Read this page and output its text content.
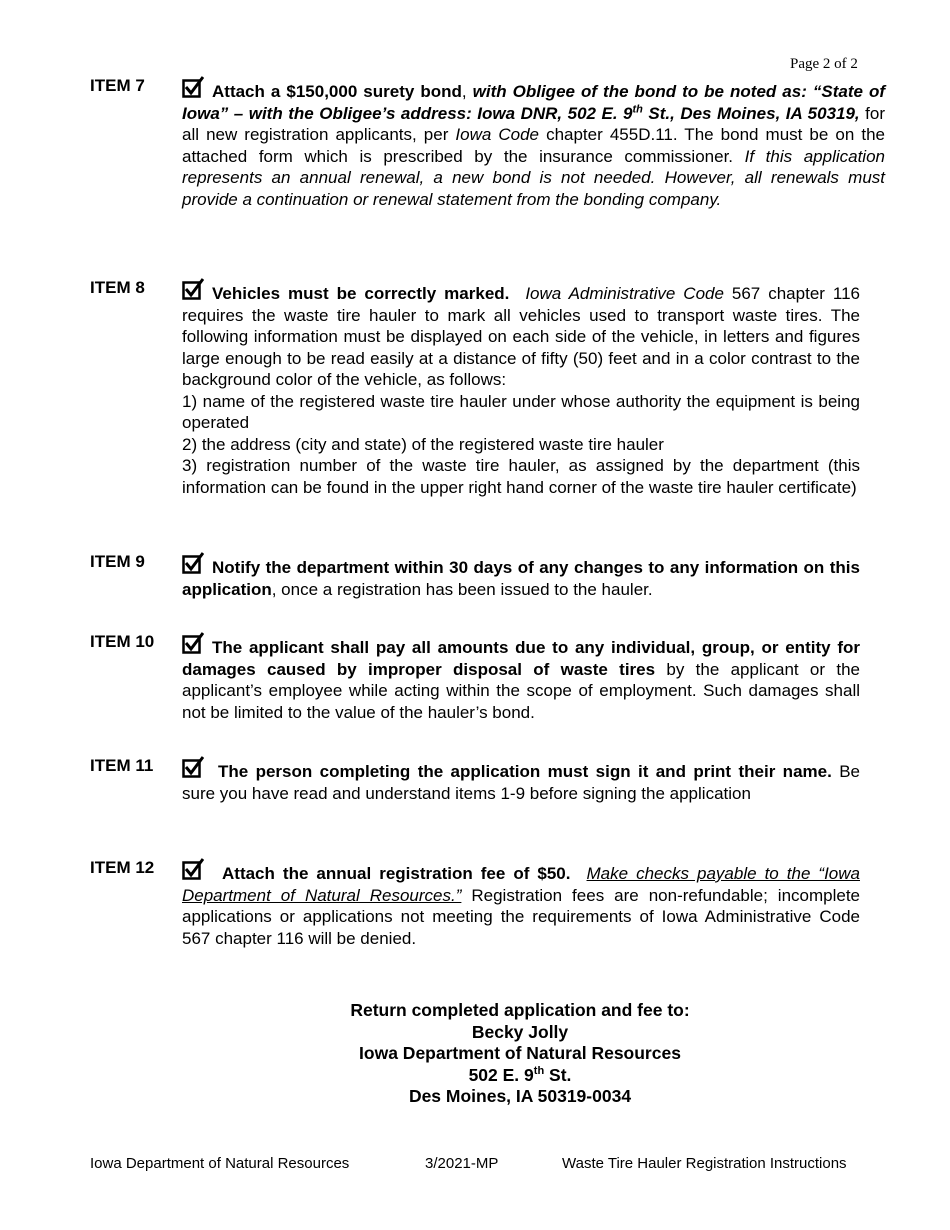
Page 2 of 2
ITEM 7	Attach a $150,000 surety bond, with Obligee of the bond to be noted as: “State of Iowa” – with the Obligee’s address: Iowa DNR, 502 E. 9th St., Des Moines, IA 50319, for all new registration applicants, per Iowa Code chapter 455D.11. The bond must be on the attached form which is prescribed by the insurance commissioner. If this application represents an annual renewal, a new bond is not needed. However, all renewals must provide a continuation or renewal statement from the bonding company.

ITEM 8	Vehicles must be correctly marked. Iowa Administrative Code 567 chapter 116 requires the waste tire hauler to mark all vehicles used to transport waste tires. The following information must be displayed on each side of the vehicle, in letters and figures large enough to be read easily at a distance of fifty (50) feet and in a color contrast to the background color of the vehicle, as follows:

1) name of the registered waste tire hauler under whose authority the equipment is being operated

2) the address (city and state) of the registered waste tire hauler

3) registration number of the waste tire hauler, as assigned by the department (this information can be found in the upper right hand corner of the waste tire hauler certificate)

ITEM 9	Notify the department within 30 days of any changes to any information on this application, once a registration has been issued to the hauler.

ITEM 10	The applicant shall pay all amounts due to any individual, group, or entity for damages caused by improper disposal of waste tires by the applicant or the applicant’s employee while acting within the scope of employment. Such damages shall not be limited to the value of the hauler’s bond.

ITEM 11	The person completing the application must sign it and print their name. Be sure you have read and understand items 1-9 before signing the application

ITEM 12	Attach the annual registration fee of $50. Make checks payable to the “Iowa Department of Natural Resources.” Registration fees are non-refundable; incomplete applications or applications not meeting the requirements of Iowa Administrative Code 567 chapter 116 will be denied.

Return completed application and fee to:
Becky Jolly
Iowa Department of Natural Resources
502 E. 9th St.
Des Moines, IA 50319-0034
Iowa Department of Natural Resources	3/2021-MP	Waste Tire Hauler Registration Instructions
